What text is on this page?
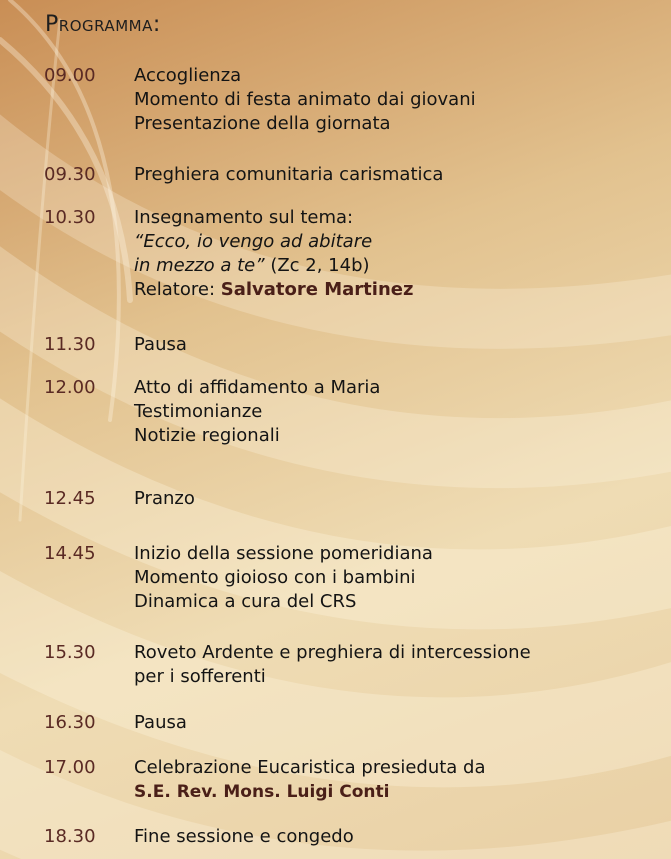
Programma:
09.00	Accoglienza
Momento di festa animato dai giovani
Presentazione della giornata
09.30	Preghiera comunitaria carismatica
10.30	Insegnamento sul tema:
“Ecco, io vengo ad abitare
in mezzo a te” (Zc 2, 14b)
Relatore: Salvatore Martinez
11.30	Pausa
12.00	Atto di affidamento a Maria
Testimonianze
Notizie regionali
12.45	Pranzo
14.45	Inizio della sessione pomeridiana
Momento gioioso con i bambini
Dinamica a cura del CRS
15.30	Roveto Ardente e preghiera di intercessione
per i sofferenti
16.30	Pausa
17.00	Celebrazione Eucaristica presieduta da
S.E. Rev. Mons. Luigi Conti
18.30	Fine sessione e congedo
